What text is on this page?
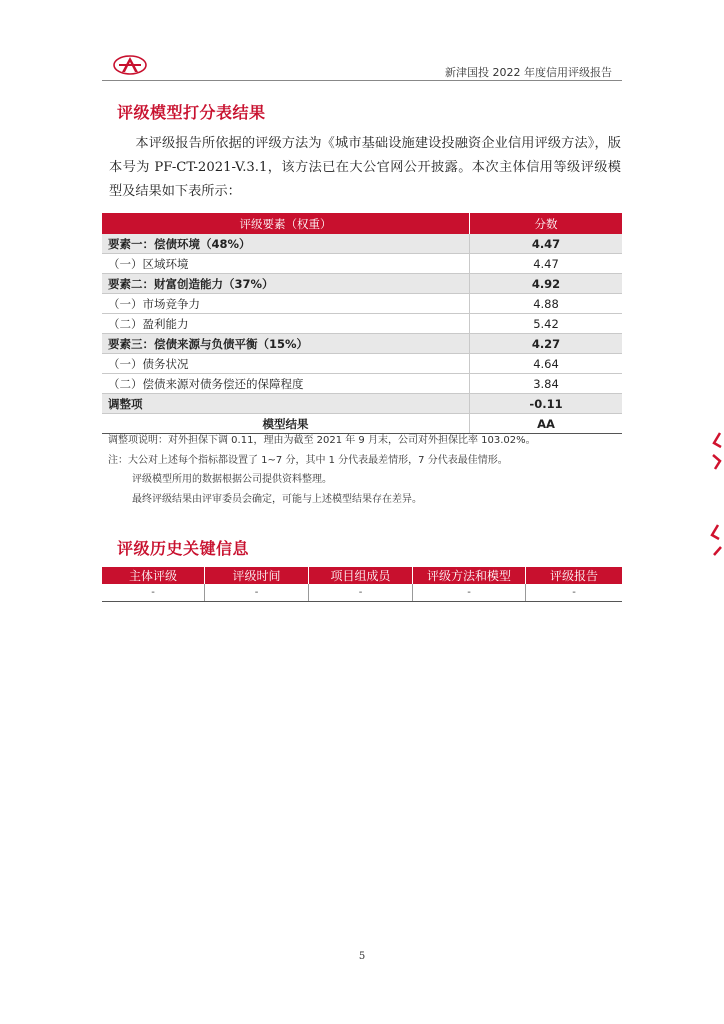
新津国投 2022 年度信用评级报告
评级模型打分表结果

本评级报告所依据的评级方法为《城市基础设施建设投融资企业信用评级方法》，版本号为 PF-CT-2021-V.3.1，该方法已在大公官网公开披露。本次主体信用等级评级模型及结果如下表所示：

评级要素（权重）	分数
要素一：偿债环境（48%）	4.47
（一）区域环境	4.47
要素二：财富创造能力（37%）	4.92
（一）市场竞争力	4.88
（二）盈利能力	5.42
要素三：偿债来源与负债平衡（15%）	4.27
（一）债务状况	4.64
（二）偿债来源对债务偿还的保障程度	3.84
调整项	-0.11
模型结果	AA
调整项说明：对外担保下调 0.11，理由为截至 2021 年 9 月末，公司对外担保比率 103.02%。
注：大公对上述每个指标都设置了 1~7 分，其中 1 分代表最差情形，7 分代表最佳情形。
评级模型所用的数据根据公司提供资料整理。
最终评级结果由评审委员会确定，可能与上述模型结果存在差异。
评级历史关键信息
主体评级	评级时间	项目组成员	评级方法和模型	评级报告
-	-	-	-	-
5
